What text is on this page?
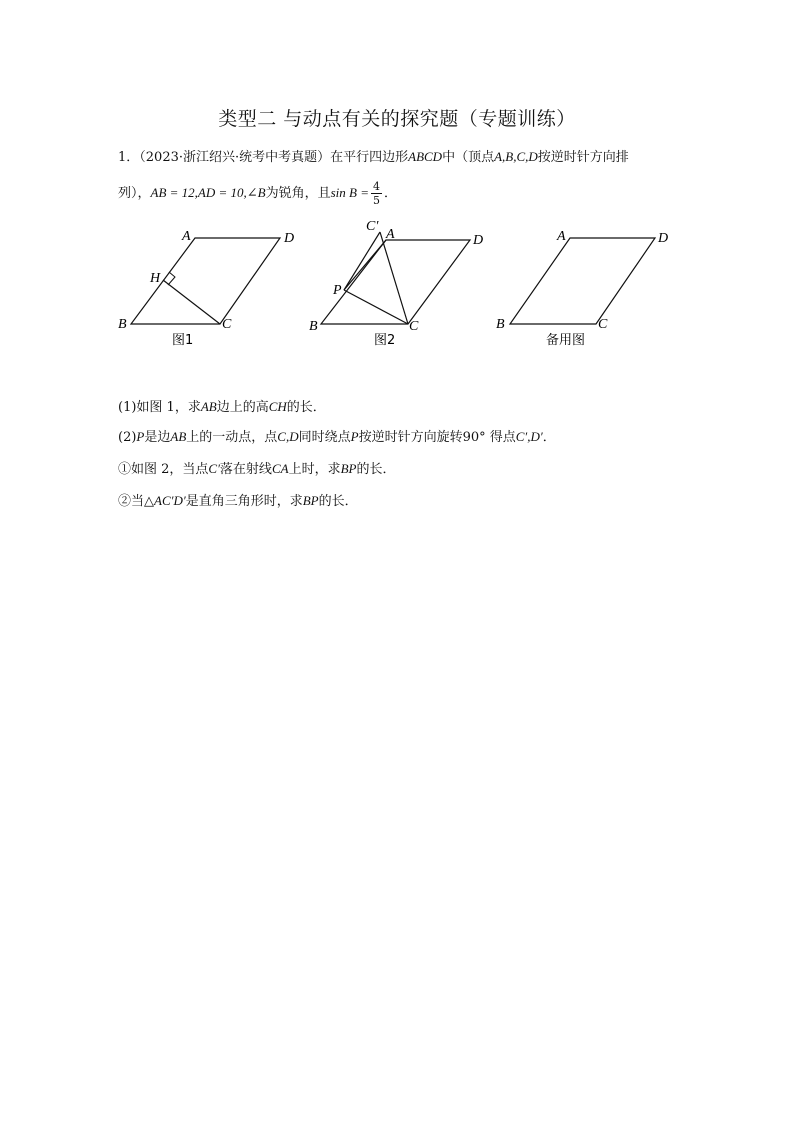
类型二 与动点有关的探究题（专题训练）
1．（2023·浙江绍兴·统考中考真题）在平行四边形ABCD中（顶点A,B,C,D按逆时针方向排
列），AB = 12,AD = 10,∠B为锐角，且$\sin B = \frac{4}{5}$ ．
A	D
B	C
H
图1
C′
A	D
P
B	C
图2
A	D
B	C
备用图
(1)如图 1，求AB边上的高CH的长．
(2)P是边AB上的一动点，点C,D同时绕点P按逆时针方向旋转90° 得点C′,D′．
①如图 2，当点C′落在射线CA上时，求BP的长．
②当△AC′D′是直角三角形时，求BP的长．
